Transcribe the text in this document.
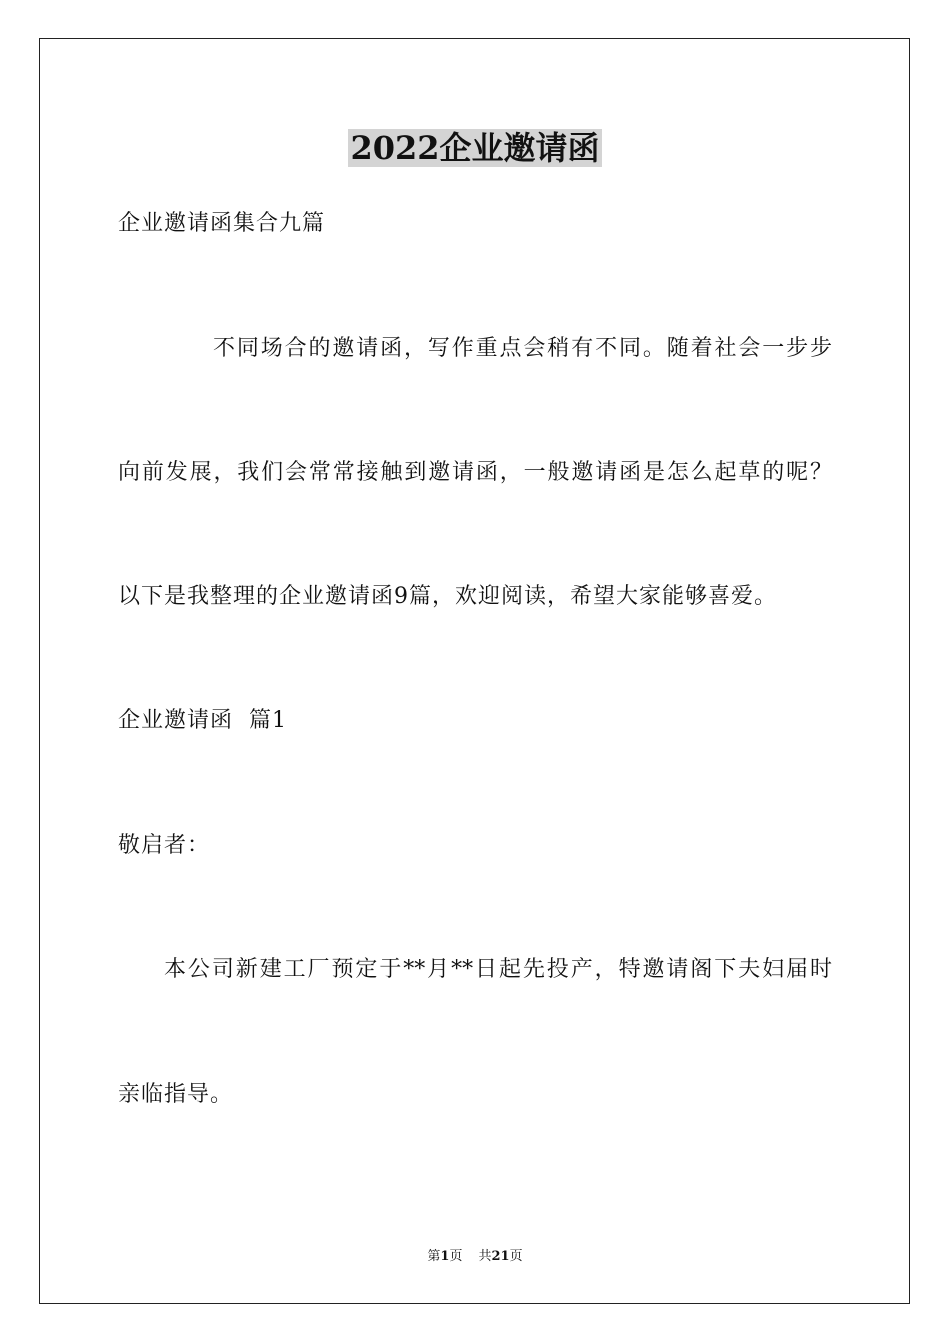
2022企业邀请函
企业邀请函集合九篇
不同场合的邀请函，写作重点会稍有不同。随着社会一步步
向前发展，我们会常常接触到邀请函，一般邀请函是怎么起草的呢？
以下是我整理的企业邀请函9篇，欢迎阅读，希望大家能够喜爱。
企业邀请函  篇1
敬启者：
本公司新建工厂预定于**月**日起先投产，特邀请阁下夫妇届时
亲临指导。
第1页 共21页
